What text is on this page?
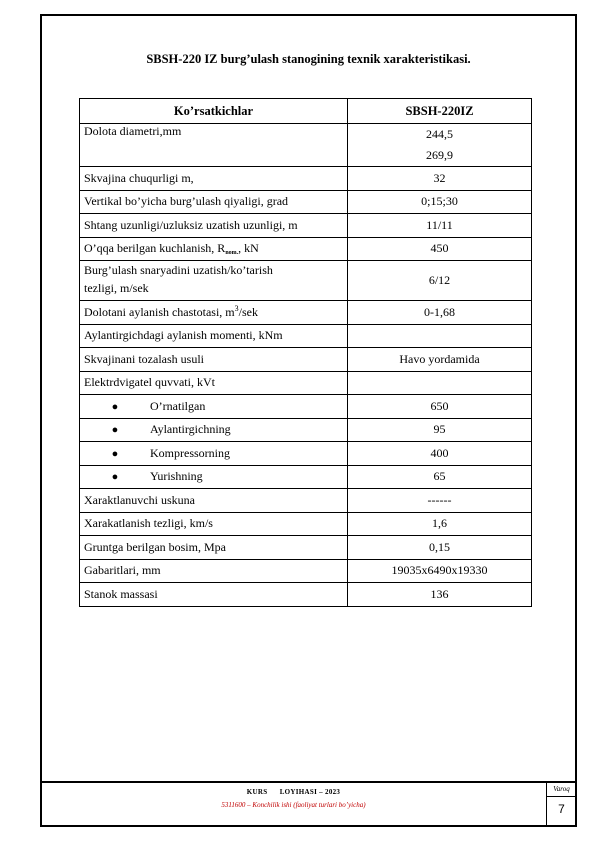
SBSH-220 IZ burg’ulash stanogining texnik xarakteristikasi.
Ko’rsatkichlar	SBSH-220IZ
Dolota diametri,mm	244,5
269,9

Skvajina chuqurligi m,	32
Vertikal bo’yicha burg’ulash qiyaligi, grad	0;15;30
Shtang uzunligi/uzluksiz uzatish uzunligi, m	11/11
O’qqa berilgan kuchlanish, $R_{nom.}$, kN	450

Burg’ulash snaryadini uzatish/ko’tarish
tezligi, m/sek	6/12
Dolotani aylanish chastotasi, $m^3$/sek	0-1,68
Aylantirgichdagi aylanish momenti, kNm	
Skvajinani tozalash usuli	Havo yordamida
Elektrdvigatel quvvati, kVt	
● O’rnatilgan	650
● Aylantirgichning	95
● Kompressorning	400
● Yurishning	65
Xaraktlanuvchi uskuna	------
Xarakatlanish tezligi, km/s	1,6
Gruntga berilgan bosim, Mpa	0,15
Gabaritlari, mm	19035x6490x19330
Stanok massasi	136
KURS      LOYIHASI – 2023
5311600 – Konchilik ishi (faoliyat turlari bo’yicha)
Varoq
7
